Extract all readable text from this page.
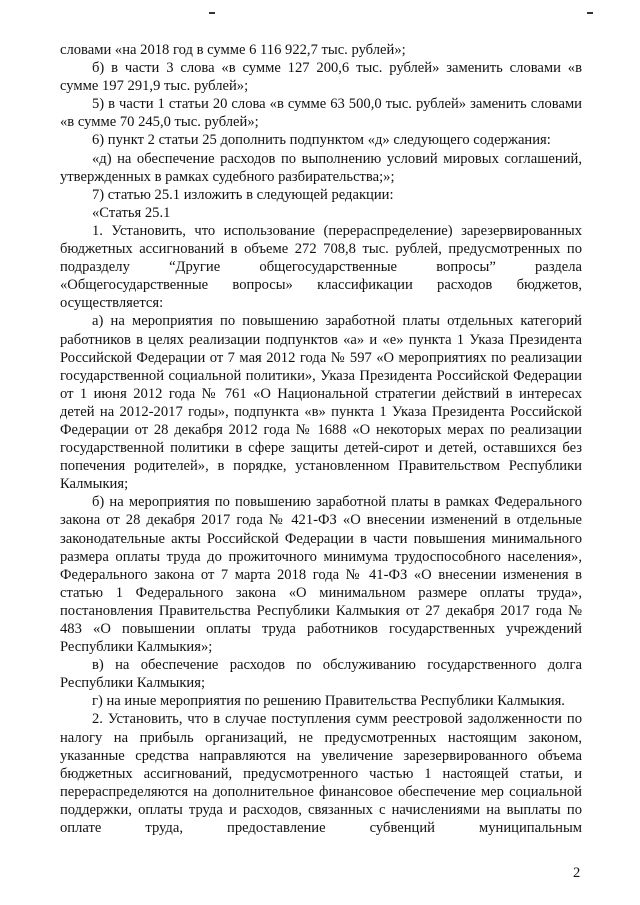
словами «на 2018 год в сумме 6 116 922,7 тыс. рублей»;

б) в части 3 слова «в сумме 127 200,6 тыс. рублей» заменить словами «в сумме 197 291,9 тыс. рублей»;

5) в части 1 статьи 20 слова «в сумме 63 500,0 тыс. рублей» заменить словами «в сумме 70 245,0 тыс. рублей»;

6) пункт 2 статьи 25 дополнить подпунктом «д» следующего содержания:

«д) на обеспечение расходов по выполнению условий мировых соглашений, утвержденных в рамках судебного разбирательства;»;

7) статью 25.1 изложить в следующей редакции:

«Статья 25.1

1. Установить, что использование (перераспределение) зарезервированных бюджетных ассигнований в объеме 272 708,8 тыс. рублей, предусмотренных по подразделу “Другие общегосударственные вопросы” раздела «Общегосударственные вопросы» классификации расходов бюджетов, осуществляется:

а) на мероприятия по повышению заработной платы отдельных категорий работников в целях реализации подпунктов «а» и «е» пункта 1 Указа Президента Российской Федерации от 7 мая 2012 года № 597 «О мероприятиях по реализации государственной социальной политики», Указа Президента Российской Федерации от 1 июня 2012 года № 761 «О Национальной стратегии действий в интересах детей на 2012-2017 годы», подпункта «в» пункта 1 Указа Президента Российской Федерации от 28 декабря 2012 года № 1688 «О некоторых мерах по реализации государственной политики в сфере защиты детей-сирот и детей, оставшихся без попечения родителей», в порядке, установленном Правительством Республики Калмыкия;

б) на мероприятия по повышению заработной платы в рамках Федерального закона от 28 декабря 2017 года № 421-ФЗ «О внесении изменений в отдельные законодательные акты Российской Федерации в части повышения минимального размера оплаты труда до прожиточного минимума трудоспособного населения», Федерального закона от 7 марта 2018 года № 41-ФЗ «О внесении изменения в статью 1 Федерального закона «О минимальном размере оплаты труда», постановления Правительства Республики Калмыкия от 27 декабря 2017 года № 483 «О повышении оплаты труда работников государственных учреждений Республики Калмыкия»;

в) на обеспечение расходов по обслуживанию государственного долга Республики Калмыкия;

г) на иные мероприятия по решению Правительства Республики Калмыкия.

2. Установить, что в случае поступления сумм реестровой задолженности по налогу на прибыль организаций, не предусмотренных настоящим законом, указанные средства направляются на увеличение зарезервированного объема бюджетных ассигнований, предусмотренного частью 1 настоящей статьи, и перераспределяются на дополнительное финансовое обеспечение мер социальной поддержки, оплаты труда и расходов, связанных с начислениями на выплаты по оплате труда, предоставление субвенций муниципальным

2
